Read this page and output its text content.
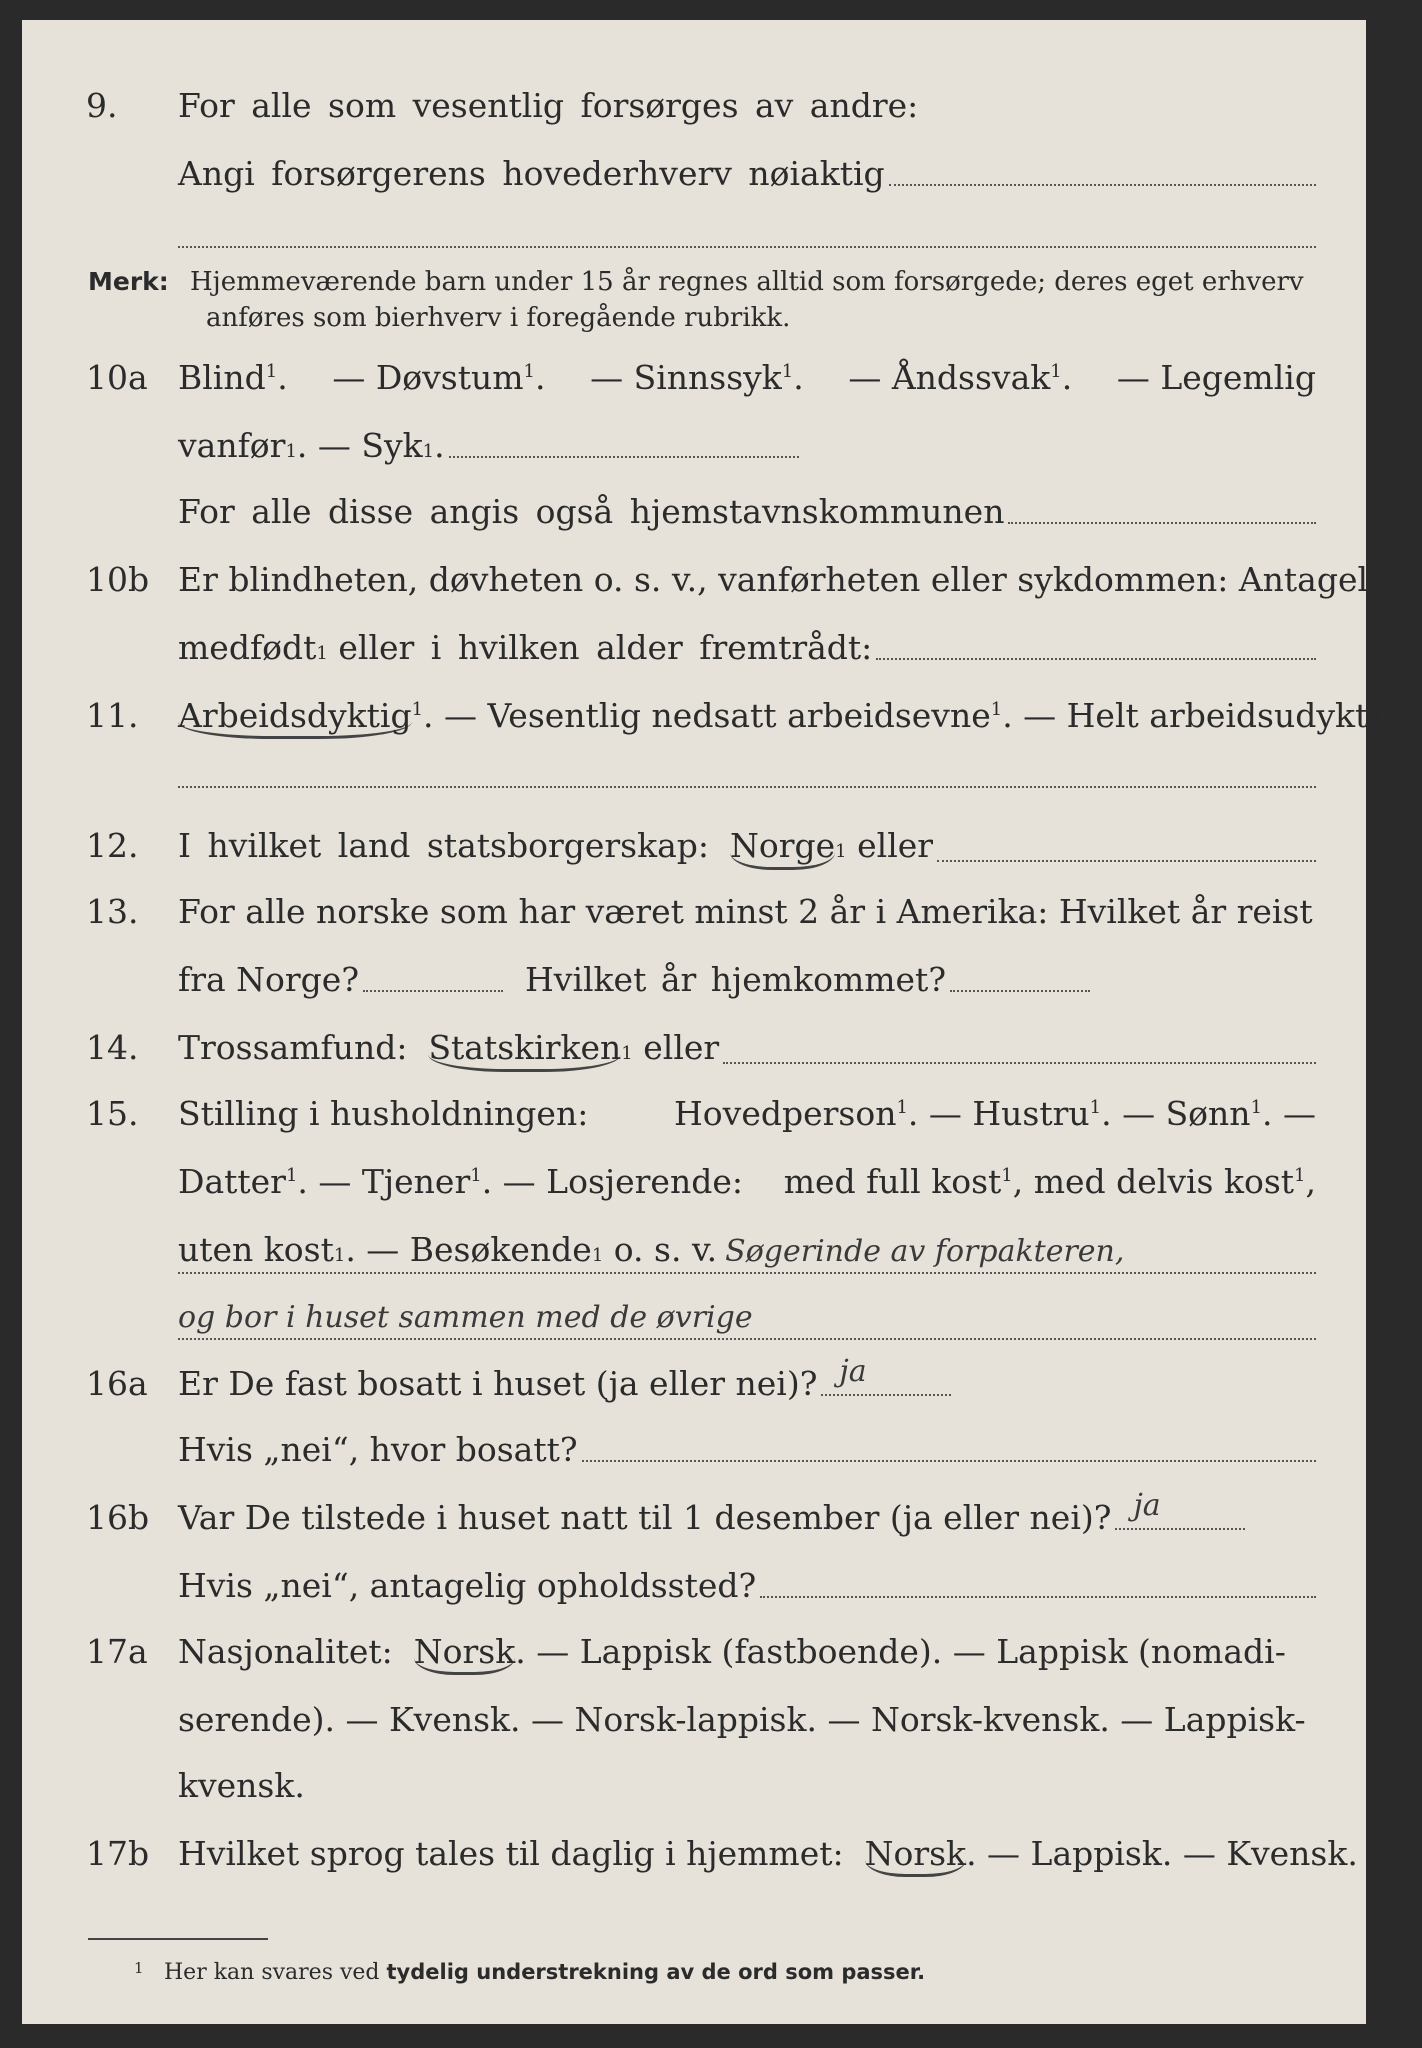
9. For alle som vesentlig forsørges av andre:
Angi forsørgerens hovederhverv nøiaktig
Merk: Hjemmeværende barn under 15 år regnes alltid som forsørgede; deres eget erhverv
anføres som bierhverv i foregående rubrikk.
10a Blind$^1$. — Døvstum$^1$. — Sinnssyk$^1$. — Åndssvak$^1$. — Legemlig
vanfør 1 . — Syk 1 .
For alle disse angis også hjemstavnskommunen
10b Er blindheten, døvheten o. s. v., vanførheten eller sykdommen: Antagelig
medfødt 1
eller i hvilken alder fremtrådt:
11. Arbeidsdyktig$^1$. — Vesentlig nedsatt arbeidsevne$^1$. — Helt arbeidsudyktig$^1$.
12. I hvilket land statsborgerskap:
Norge 1
eller
13. For alle norske som har været minst 2 år i Amerika: Hvilket år reist
fra Norge?	Hvilket år hjemkommet?
14. Trossamfund:
Statskirken 1
eller
15. Stilling i husholdningen:	Hovedperson$^1$. — Hustru$^1$. — Sønn$^1$. —
Datter$^1$. — Tjener$^1$. — Losjerende: med full kost$^1$, med delvis kost$^1$,
uten kost 1 . — Besøkende 1
o. s. v. Søgerinde av forpakteren,
og bor i huset sammen med de øvrige
16a Er De fast bosatt i huset (ja eller nei)? ja
Hvis „nei“, hvor bosatt?
16b Var De tilstede i huset natt til 1 desember (ja eller nei)? ja
Hvis „nei“, antagelig opholdssted?
17a Nasjonalitet: Norsk. — Lappisk (fastboende). — Lappisk (nomadi-
serende). — Kvensk. — Norsk-lappisk. — Norsk-kvensk. — Lappisk-
kvensk.
17b Hvilket sprog tales til daglig i hjemmet: Norsk. — Lappisk. — Kvensk.
1 Her kan svares ved tydelig understrekning av de ord som passer.
